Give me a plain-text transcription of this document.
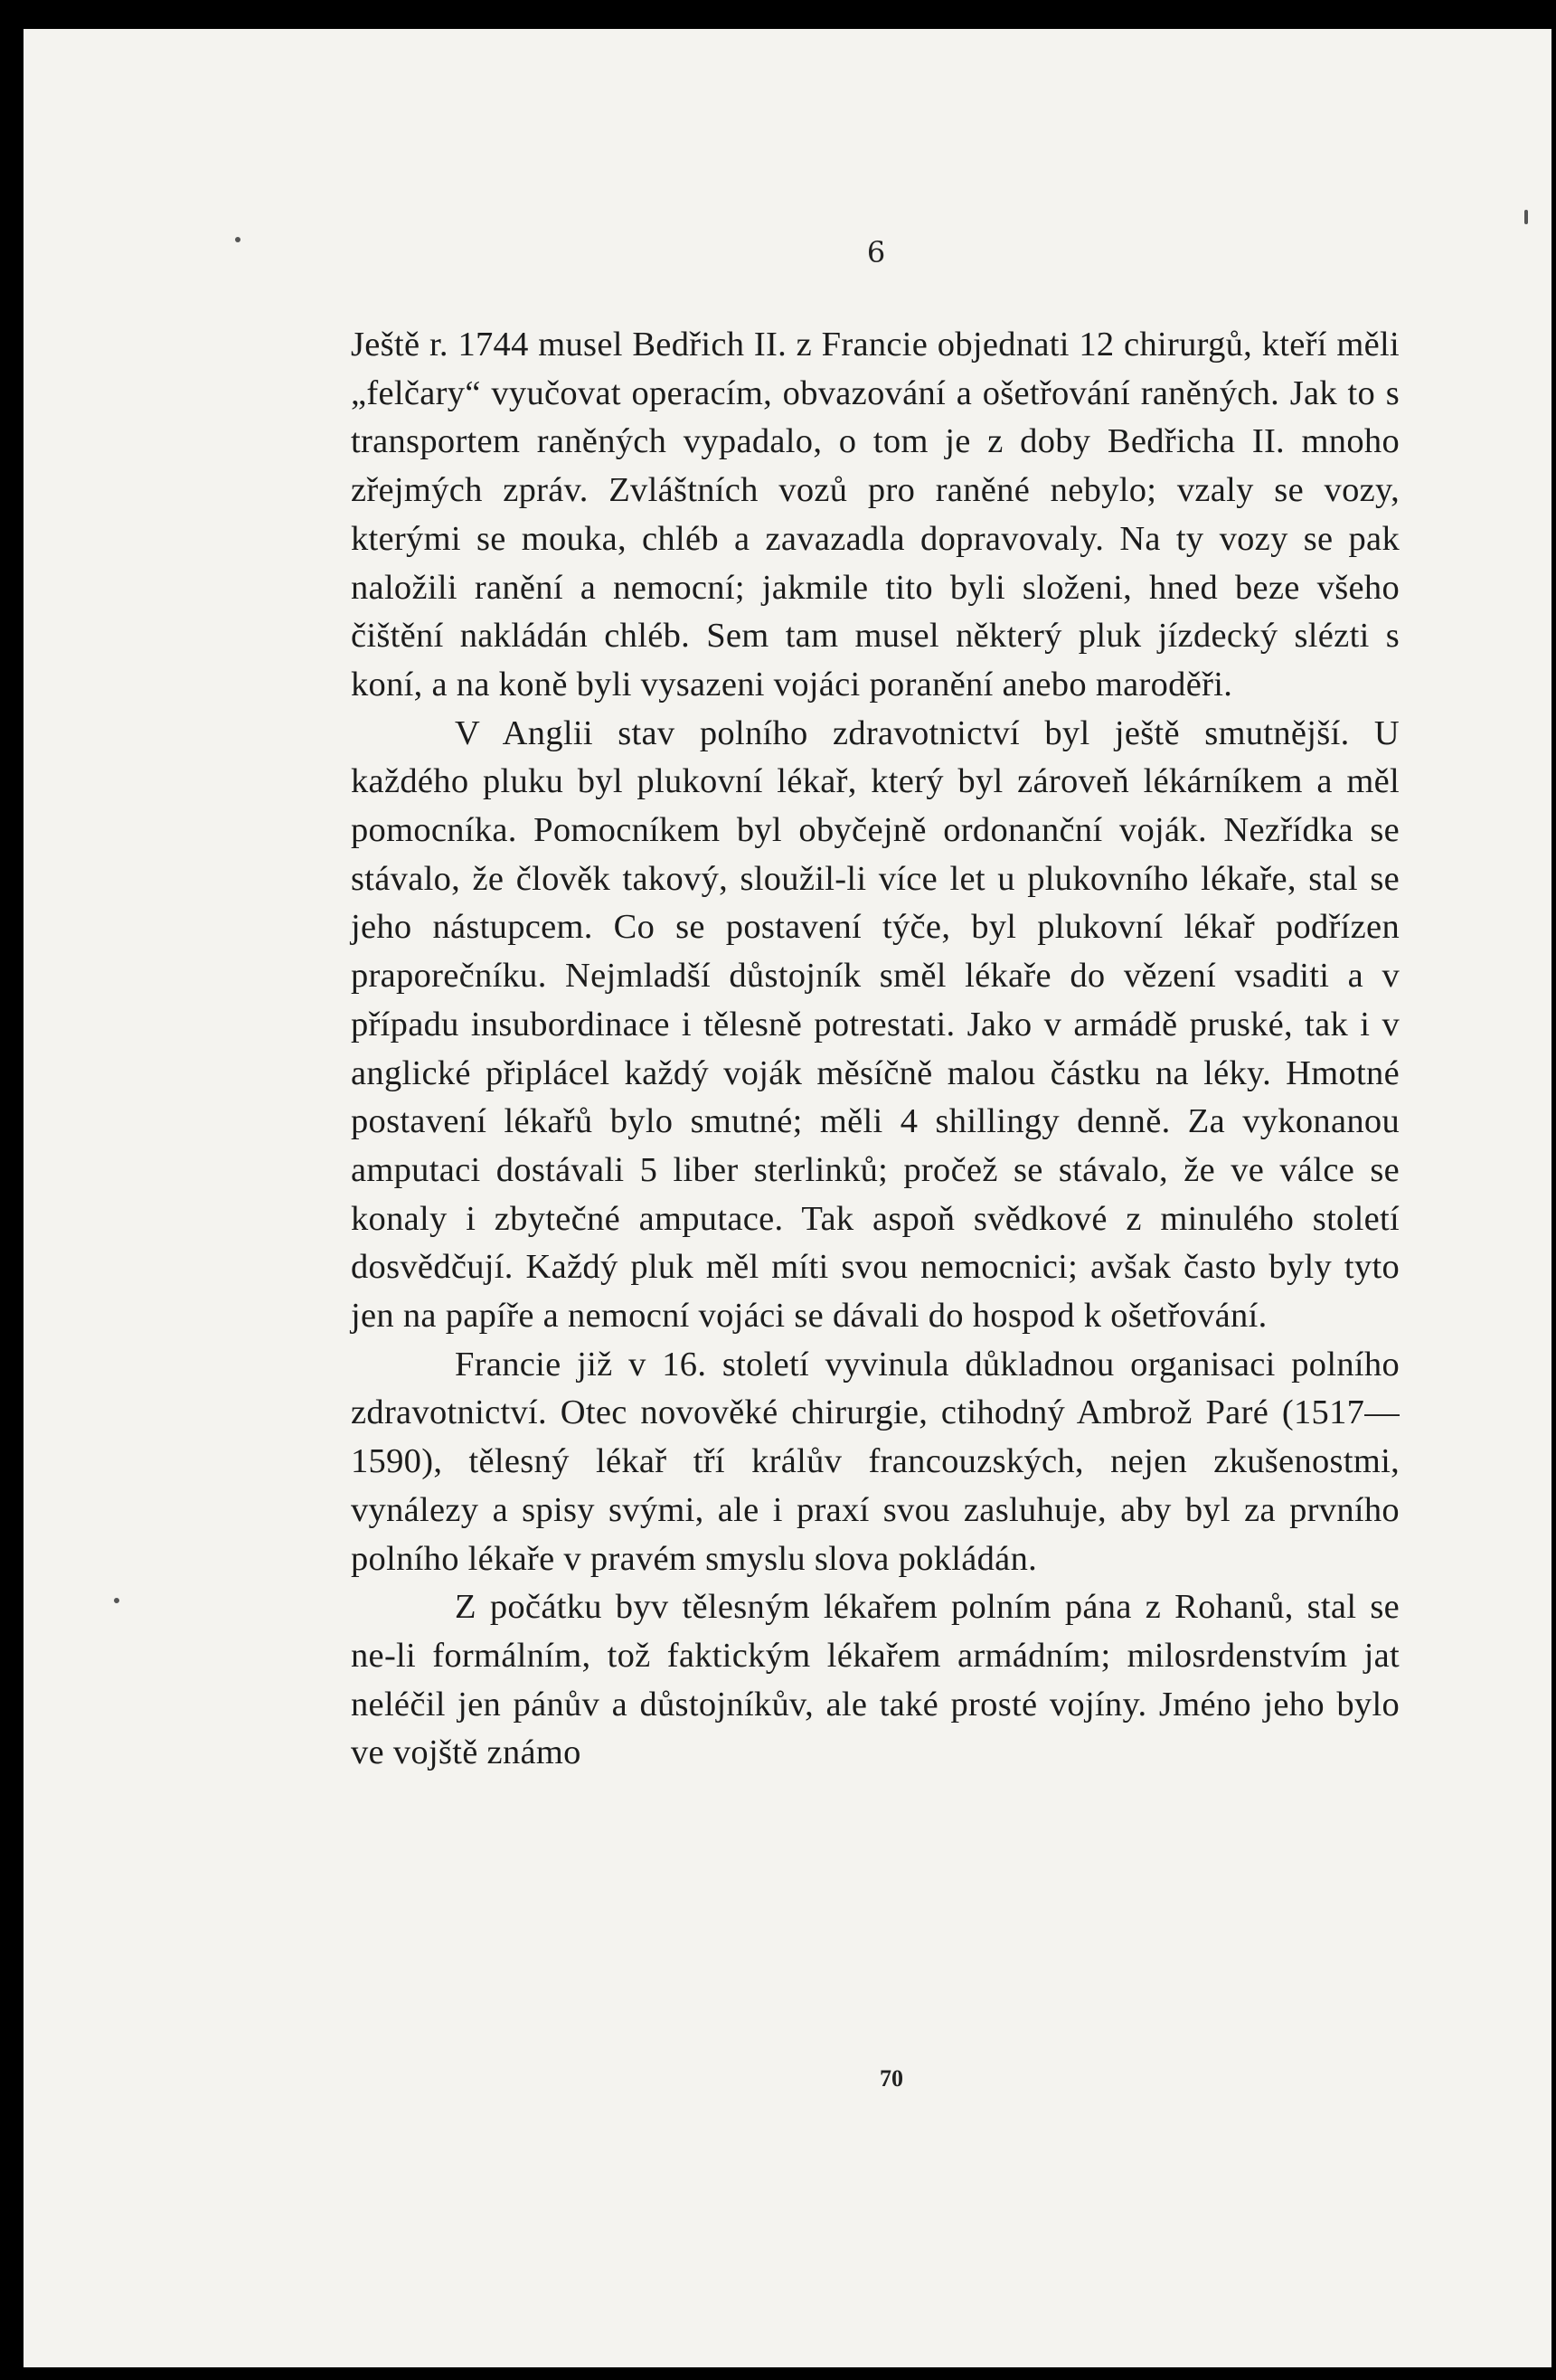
6

Ještě r. 1744 musel Bedřich II. z Francie objednati 12 chirurgů, kteří měli „felčary“ vyučovat operacím, obvazování a ošetřování raněných. Jak to s transportem raněných vypadalo, o tom je z doby Bedřicha II. mnoho zřejmých zpráv. Zvláštních vozů pro raněné nebylo; vzaly se vozy, kterými se mouka, chléb a zavazadla dopravovaly. Na ty vozy se pak naložili ranění a nemocní; jakmile tito byli složeni, hned beze všeho čištění nakládán chléb. Sem tam musel některý pluk jízdecký slézti s koní, a na koně byli vysazeni vojáci poranění anebo maroděři.

V Anglii stav polního zdravotnictví byl ještě smutnější. U každého pluku byl plukovní lékař, který byl zároveň lékárníkem a měl pomocníka. Pomocníkem byl obyčejně ordonanční voják. Nezřídka se stávalo, že člověk takový, sloužil-li více let u plukovního lékaře, stal se jeho nástupcem. Co se postavení týče, byl plukovní lékař podřízen praporečníku. Nejmladší důstojník směl lékaře do vězení vsaditi a v případu insubordinace i tělesně potrestati. Jako v armádě pruské, tak i v anglické připlácel každý voják měsíčně malou částku na léky. Hmotné postavení lékařů bylo smutné; měli 4 shillingy denně. Za vykonanou amputaci dostávali 5 liber sterlinků; pročež se stávalo, že ve válce se konaly i zbytečné amputace. Tak aspoň svědkové z minulého století dosvědčují. Každý pluk měl míti svou nemocnici; avšak často byly tyto jen na papíře a nemocní vojáci se dávali do hospod k ošetřování.

Francie již v 16. století vyvinula důkladnou organisaci polního zdravotnictví. Otec novověké chirurgie, ctihodný Ambrož Paré (1517—1590), tělesný lékař tří králův francouzských, nejen zkušenostmi, vynálezy a spisy svými, ale i praxí svou zasluhuje, aby byl za prvního polního lékaře v pravém smyslu slova pokládán.

Z počátku byv tělesným lékařem polním pána z Rohanů, stal se ne-li formálním, tož faktickým lékařem armádním; milosrdenstvím jat neléčil jen pánův a důstojníkův, ale také prosté vojíny. Jméno jeho bylo ve vojště známo

70
